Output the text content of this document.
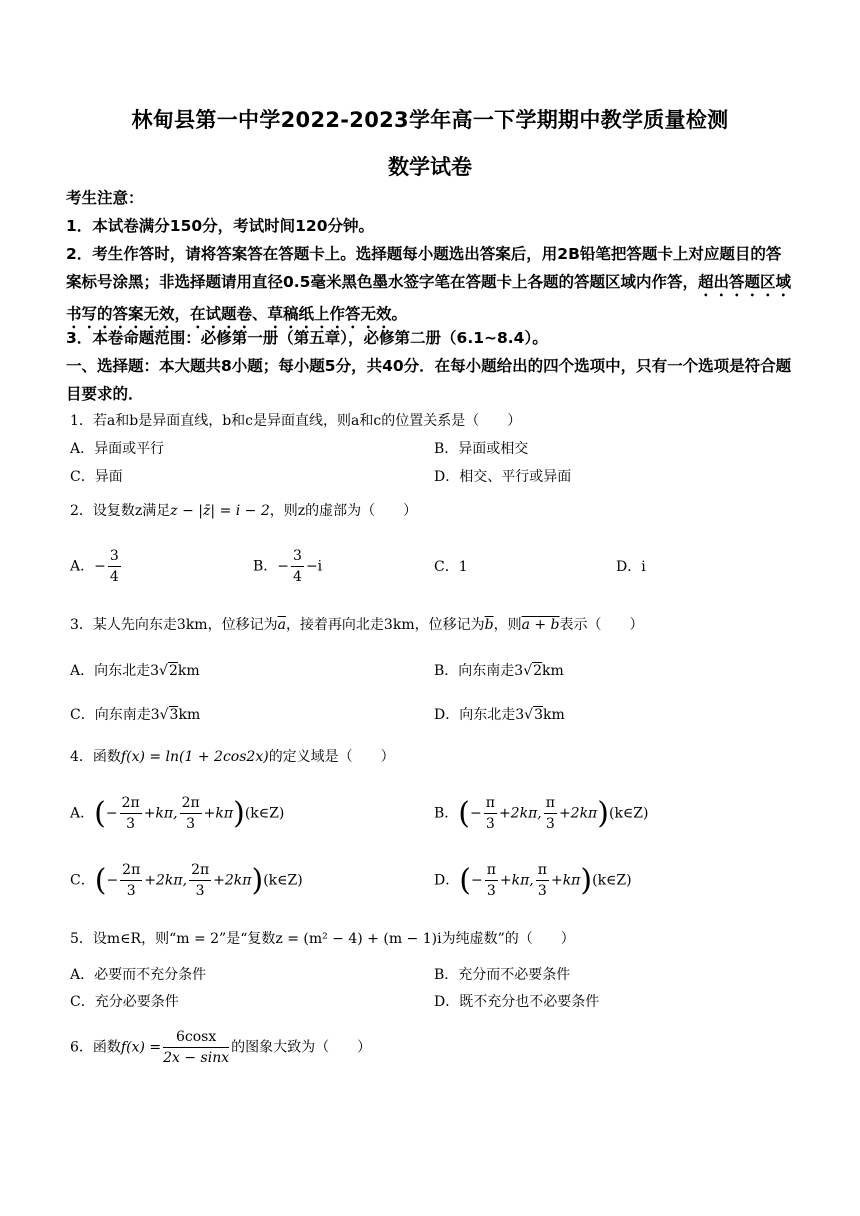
林甸县第一中学2022-2023学年高一下学期期中教学质量检测
数学试卷
考生注意：
1．本试卷满分150分，考试时间120分钟。
2．考生作答时，请将答案答在答题卡上。选择题每小题选出答案后，用2B铅笔把答题卡上对应题目的答案标号涂黑；非选择题请用直径0.5毫米黑色墨水签字笔在答题卡上各题的答题区域内作答，超出答题区域书写的答案无效，在试题卷、草稿纸上作答无效。
3．本卷命题范围：必修第一册（第五章），必修第二册（6.1~8.4）。
一、选择题：本大题共8小题；每小题5分，共40分．在每小题给出的四个选项中，只有一个选项是符合题目要求的．
1．若a和b是异面直线，b和c是异面直线，则a和c的位置关系是（　　）
A．异面或平行	B．异面或相交
C．异面	D．相交、平行或异面
2．设复数z满足z − |z̄| = i − 2，则z的虚部为（　　）
A．− $\frac{3}{4}$	B．− $\frac{3}{4} -i$	C．1	D．i
3．某人先向东走3km，位移记为$\overline{a}$，接着再向北走3km，位移记为$\overline{b}$，则a + b表示（　　）
A．向东北走3√2km	B．向东南走3√2km
C．向东南走3√3km	D．向东北走3√3km
4．函数f(x) = ln(1 + 2cos2x)的定义域是（　　）
A．(− $\frac{2\pi}{3} +k\pi$, $\frac{2\pi}{3}$ +kπ)(k∈Z)	B．(− $\frac{\pi}{3} +2k\pi$, $\frac{\pi}{3}$ +2kπ)(k∈Z)
C．(− $\frac{2\pi}{3} +2k\pi$, $\frac{2\pi}{3}$ +2kπ)(k∈Z)	D．(− $\frac{\pi}{3} +k\pi$, $\frac{\pi}{3}$ +kπ)(k∈Z)
5．设m∈R，则“m = 2”是“复数z = (m² − 4) + (m − 1)i为纯虚数”的（　　）
A．必要而不充分条件	B．充分而不必要条件
C．充分必要条件	D．既不充分也不必要条件
6．函数$f(x) = \frac{6\cos x}{2x - \sin x}$ 的图象大致为（　　）
